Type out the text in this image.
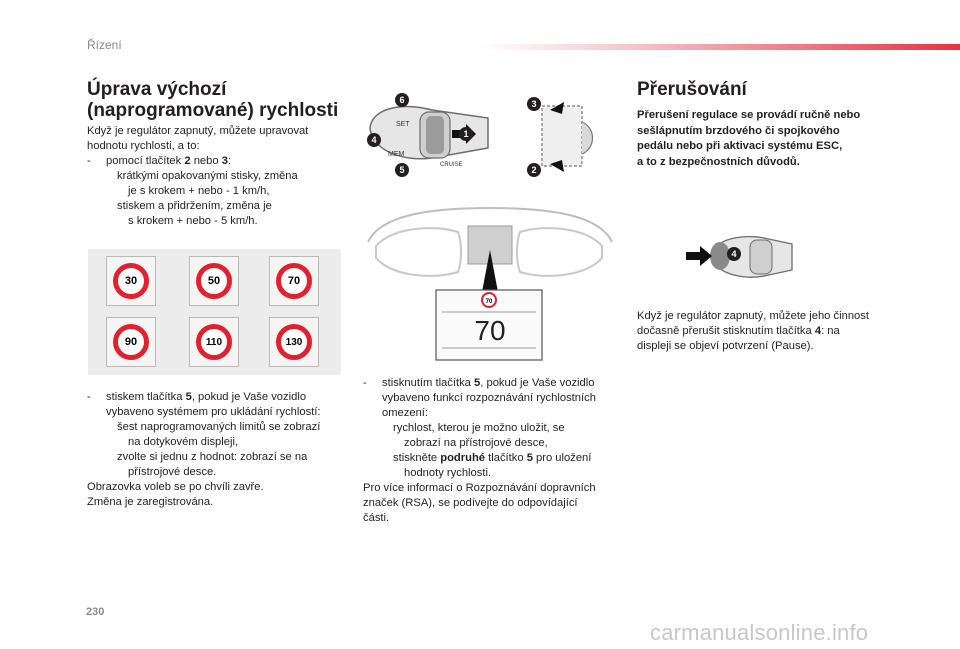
Řízení
Úprava výchozí
(naprogramované) rychlosti
Když je regulátor zapnutý, můžete upravovat
hodnotu rychlosti, a to:
- pomocí tlačítek 2 nebo 3:
krátkými opakovanými stisky, změna
je s krokem + nebo - 1 km/h,
stiskem a přidržením, změna je
s krokem + nebo - 5 km/h.
30	50	70
90	110	130
- stiskem tlačítka 5, pokud je Vaše vozidlo
vybaveno systémem pro ukládání rychlostí:
šest naprogramovaných limitů se zobrazí
na dotykovém displeji,
zvolte si jednu z hodnot: zobrazí se na
přístrojové desce.
Obrazovka voleb se po chvíli zavře.
Změna je zaregistrována.
SET
MEM
CRUISE
6
4
5
1
3
2
70
70
- stisknutím tlačítka 5, pokud je Vaše vozidlo
vybaveno funkcí rozpoznávání rychlostních
omezení:
rychlost, kterou je možno uložit, se
zobrazí na přístrojové desce,
stiskněte podruhé tlačítko 5 pro uložení
hodnoty rychlosti.
Pro více informací o Rozpoznávání dopravních
značek (RSA), se podívejte do odpovídající
části.
Přerušování
Přerušení regulace se provádí ručně nebo
sešlápnutím brzdového či spojkového
pedálu nebo při aktivaci systému ESC,
a to z bezpečnostních důvodů.
4
Když je regulátor zapnutý, můžete jeho činnost
dočasně přerušit stisknutím tlačítka 4: na
displeji se objeví potvrzení (Pause).
230
carmanualsonline.info
